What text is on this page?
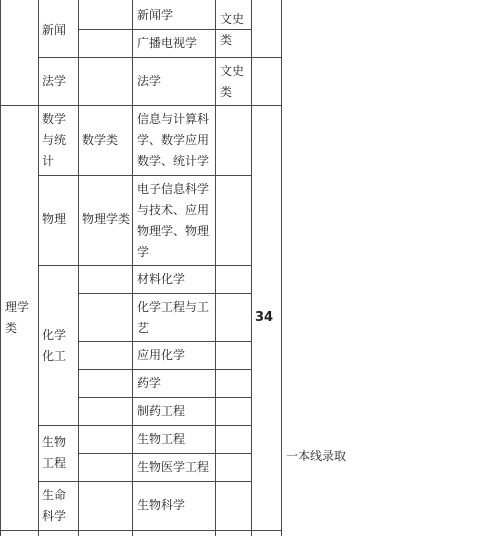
新闻
新闻学
广播电视学
文史
类
法学	法学
文史
类
理学
类
34
一本线录取
数学
与统
计
数学类
信息与计算科
学、数学应用
数学、统计学
物理 物理学类
电子信息科学
与技术、应用
物理学、物理
学
化学
化工
材料化学
化学工程与工
艺
应用化学
药学
制药工程
生物
工程
生物工程
生物医学工程
生命
科学
生物科学
